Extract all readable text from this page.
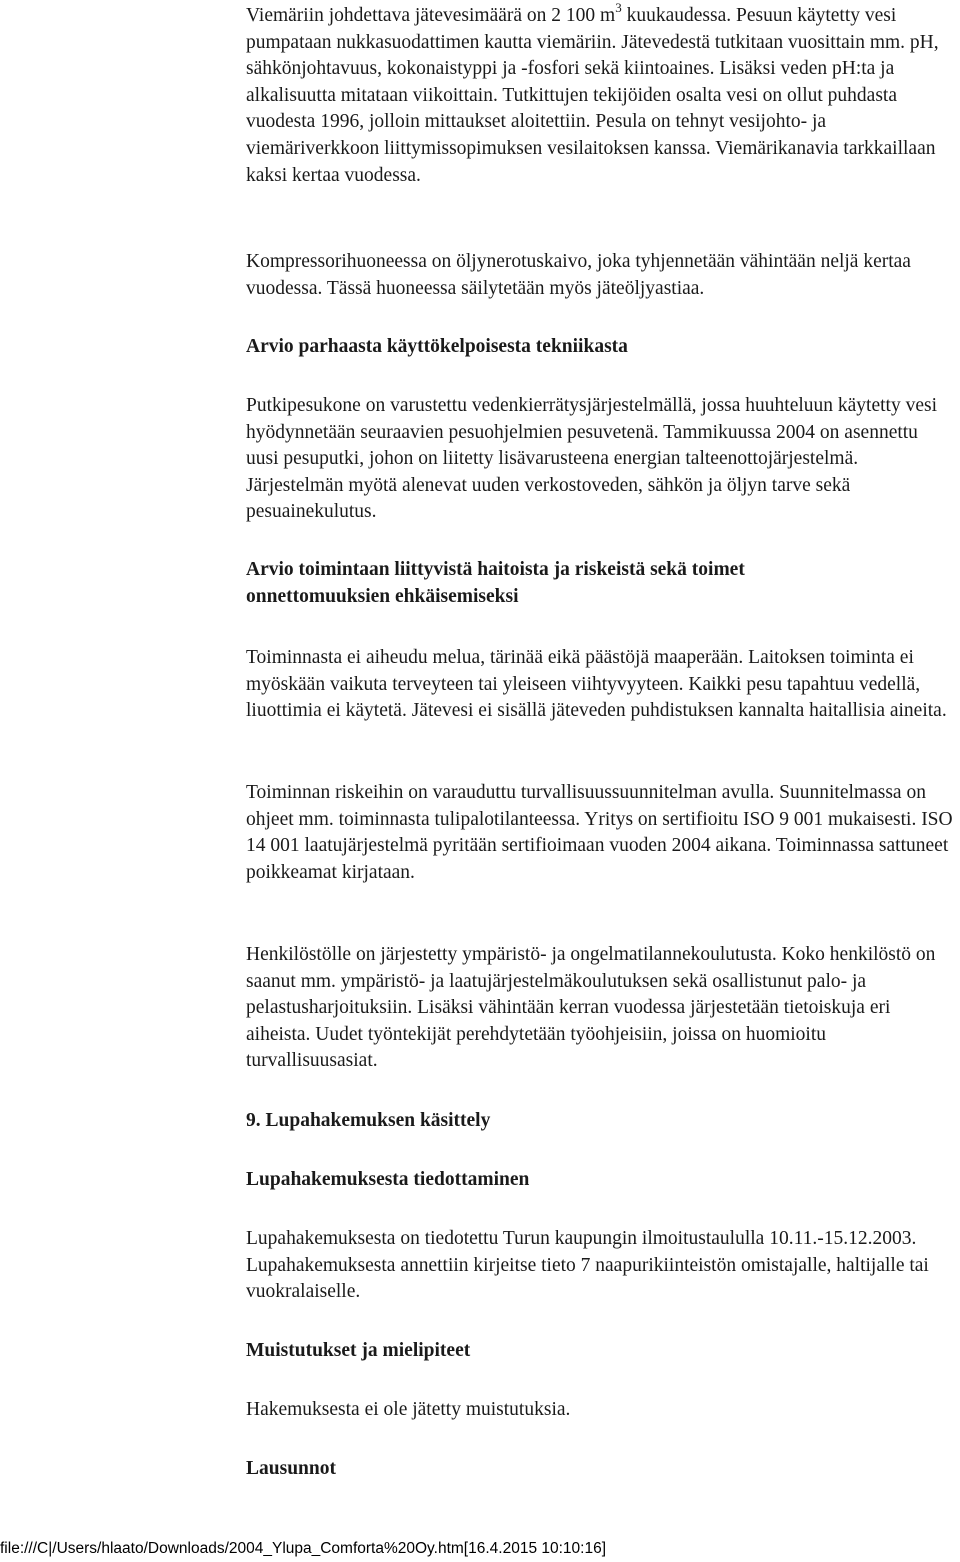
Viemäriin johdettava jätevesimäärä on 2 100 $m^3$ kuukaudessa. Pesuun käytetty vesi pumpataan nukkasuodattimen kautta viemäriin. Jätevedestä tutkitaan vuosittain mm. pH, sähkönjohtavuus, kokonaistyppi ja -fosfori sekä kiintoaines. Lisäksi veden pH:ta ja alkalisuutta mitataan viikoittain. Tutkittujen tekijöiden osalta vesi on ollut puhdasta vuodesta 1996, jolloin mittaukset aloitettiin. Pesula on tehnyt vesijohto- ja viemäriverkkoon liittymissopimuksen vesilaitoksen kanssa. Viemärikanavia tarkkaillaan kaksi kertaa vuodessa.

Kompressorihuoneessa on öljynerotuskaivo, joka tyhjennetään vähintään neljä kertaa vuodessa. Tässä huoneessa säilytetään myös jäteöljyastiaa.

Arvio parhaasta käyttökelpoisesta tekniikasta

Putkipesukone on varustettu vedenkierrätysjärjestelmällä, jossa huuhteluun käytetty vesi hyödynnetään seuraavien pesuohjelmien pesuvetenä. Tammikuussa 2004 on asennettu uusi pesuputki, johon on liitetty lisävarusteena energian talteenottojärjestelmä. Järjestelmän myötä alenevat uuden verkostoveden, sähkön ja öljyn tarve sekä pesuainekulutus.

Arvio toimintaan liittyvistä haitoista ja riskeistä sekä toimet onnettomuuksien ehkäisemiseksi

Toiminnasta ei aiheudu melua, tärinää eikä päästöjä maaperään. Laitoksen toiminta ei myöskään vaikuta terveyteen tai yleiseen viihtyvyyteen. Kaikki pesu tapahtuu vedellä, liuottimia ei käytetä. Jätevesi ei sisällä jäteveden puhdistuksen kannalta haitallisia aineita.

Toiminnan riskeihin on varauduttu turvallisuussuunnitelman avulla. Suunnitelmassa on ohjeet mm. toiminnasta tulipalotilanteessa. Yritys on sertifioitu ISO 9 001 mukaisesti. ISO 14 001 laatujärjestelmä pyritään sertifioimaan vuoden 2004 aikana. Toiminnassa sattuneet poikkeamat kirjataan.

Henkilöstölle on järjestetty ympäristö- ja ongelmatilannekoulutusta. Koko henkilöstö on saanut mm. ympäristö- ja laatujärjestelmäkoulutuksen sekä osallistunut palo- ja pelastusharjoituksiin. Lisäksi vähintään kerran vuodessa järjestetään tietoiskuja eri aiheista. Uudet työntekijät perehdytetään työohjeisiin, joissa on huomioitu turvallisuusasiat.

9. Lupahakemuksen käsittely
Lupahakemuksesta tiedottaminen

Lupahakemuksesta on tiedotettu Turun kaupungin ilmoitustaululla 10.11.-15.12.2003. Lupahakemuksesta annettiin kirjeitse tieto 7 naapurikiinteistön omistajalle, haltijalle tai vuokralaiselle.

Muistutukset ja mielipiteet

Hakemuksesta ei ole jätetty muistutuksia.

Lausunnot
file:///C|/Users/hlaato/Downloads/2004_Ylupa_Comforta%20Oy.htm[16.4.2015 10:10:16]
